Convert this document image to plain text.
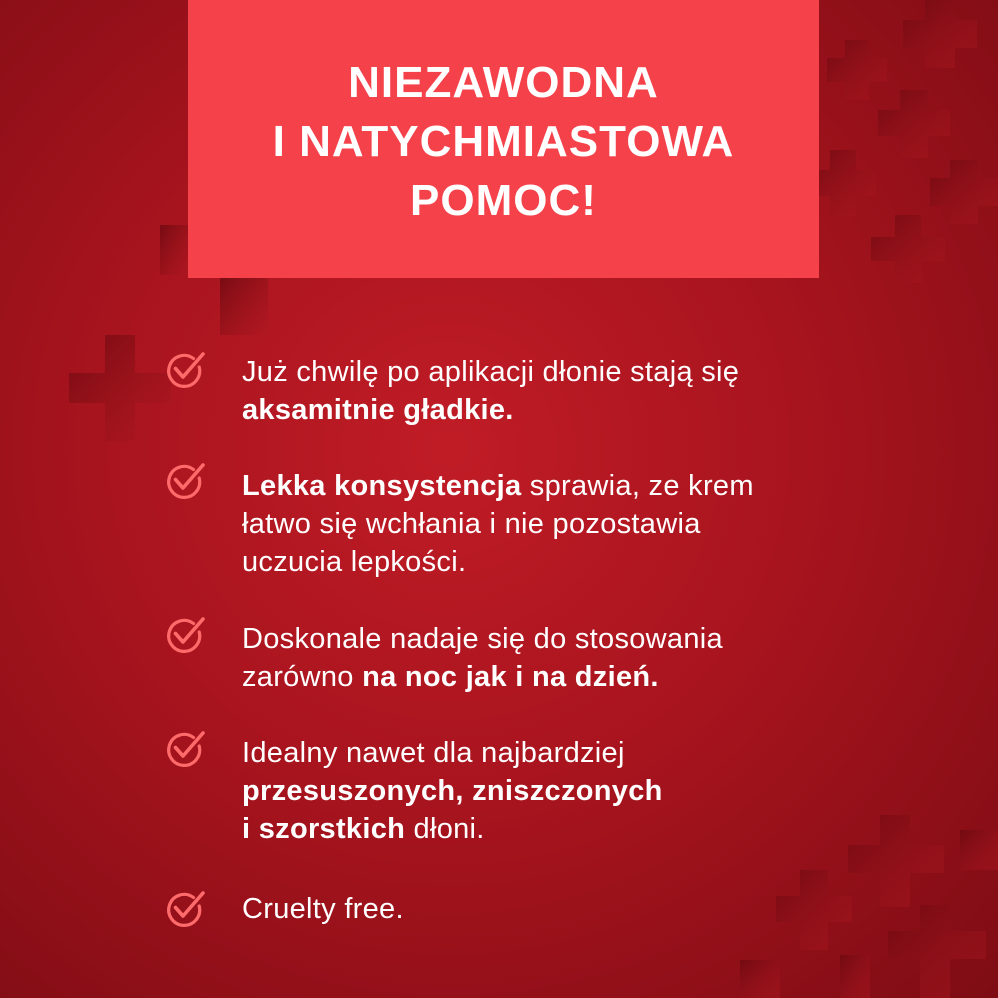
NIEZAWODNA
I NATYCHMIASTOWA
POMOC!
Już chwilę po aplikacji dłonie stają się
aksamitnie gładkie.
Lekka konsystencja sprawia, ze krem
łatwo się wchłania i nie pozostawia
uczucia lepkości.
Doskonale nadaje się do stosowania
zarówno na noc jak i na dzień.
Idealny nawet dla najbardziej
przesuszonych, zniszczonych
i szorstkich dłoni.
Cruelty free.
